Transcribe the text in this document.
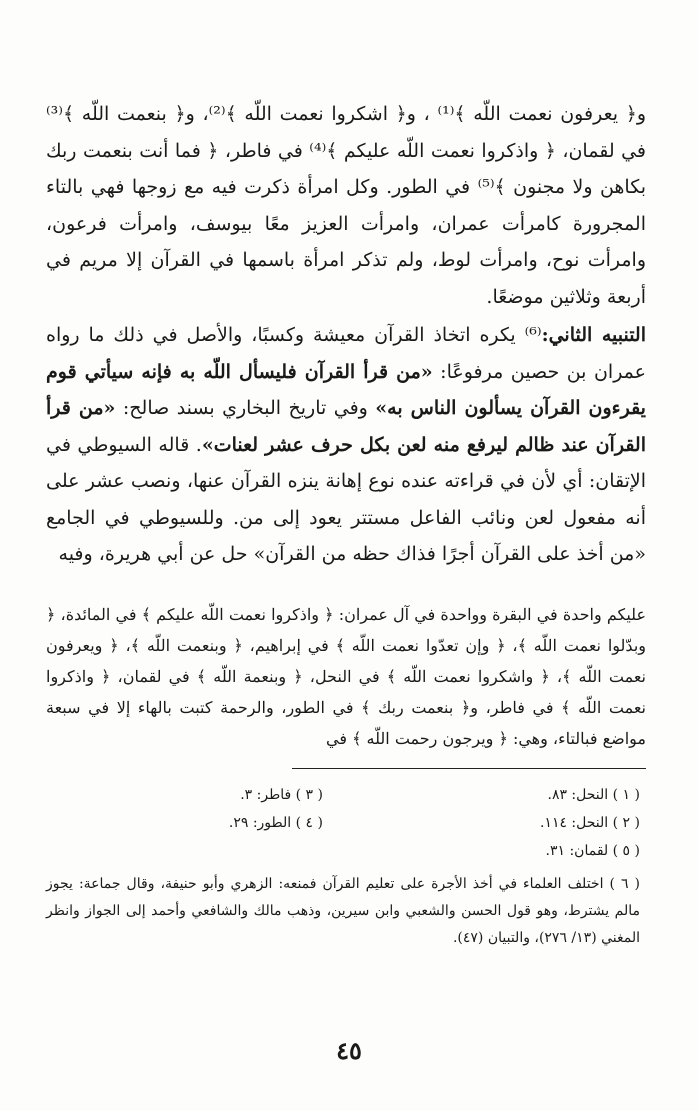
و﴿ يعرفون نعمت اللّه ﴾⁽¹⁾ ، و﴿ اشكروا نعمت اللّه ﴾⁽²⁾، و﴿ بنعمت اللّه ﴾⁽³⁾ في لقمان، ﴿ واذكروا نعمت اللّه عليكم ﴾⁽⁴⁾ في فاطر، ﴿ فما أنت بنعمت ربك بكاهن ولا مجنون ﴾⁽⁵⁾ في الطور. وكل امرأة ذكرت فيه مع زوجها فهي بالتاء المجرورة كامرأت عمران، وامرأت العزيز معًا بيوسف، وامرأت فرعون، وامرأت نوح، وامرأت لوط، ولم تذكر امرأة باسمها في القرآن إلا مريم في أربعة وثلاثين موضعًا.

التنبيه الثاني:⁽⁶⁾ يكره اتخاذ القرآن معيشة وكسبًا، والأصل في ذلك ما رواه عمران بن حصين مرفوعًا: «من قرأ القرآن فليسأل اللّه به فإنه سيأتي قوم يقرءون القرآن يسألون الناس به» وفي تاريخ البخاري بسند صالح: «من قرأ القرآن عند ظالم ليرفع منه لعن بكل حرف عشر لعنات». قاله السيوطي في الإتقان: أي لأن في قراءته عنده نوع إهانة ينزه القرآن عنها، ونصب عشر على أنه مفعول لعن ونائب الفاعل مستتر يعود إلى من. وللسيوطي في الجامع «من أخذ على القرآن أجرًا فذاك حظه من القرآن» حل عن أبي هريرة، وفيه

عليكم واحدة في البقرة وواحدة في آل عمران: ﴿ واذكروا نعمت اللّه عليكم ﴾ في المائدة، ﴿ وبدّلوا نعمت اللّه ﴾، ﴿ وإن تعدّوا نعمت اللّه ﴾ في إبراهيم، ﴿ وبنعمت اللّه ﴾، ﴿ ويعرفون نعمت اللّه ﴾، ﴿ واشكروا نعمت اللّه ﴾ في النحل، ﴿ وبنعمة اللّه ﴾ في لقمان، ﴿ واذكروا نعمت اللّه ﴾ في فاطر، و﴿ بنعمت ربك ﴾ في الطور، والرحمة كتبت بالهاء إلا في سبعة مواضع فبالتاء، وهي: ﴿ ويرجون رحمت اللّه ﴾ في

( ١ ) النحل: ٨٣.
( ٣ ) فاطر: ٣.
( ٢ ) النحل: ١١٤.
( ٤ ) الطور: ٢٩.
( ٥ ) لقمان: ٣١.

( ٦ ) اختلف العلماء في أخذ الأجرة على تعليم القرآن فمنعه: الزهري وأبو حنيفة، وقال جماعة: يجوز مالم يشترط، وهو قول الحسن والشعبي وابن سيرين، وذهب مالك والشافعي وأحمد إلى الجواز وانظر المغني (١٣/ ٢٧٦)، والتبيان (٤٧).

٤٥
